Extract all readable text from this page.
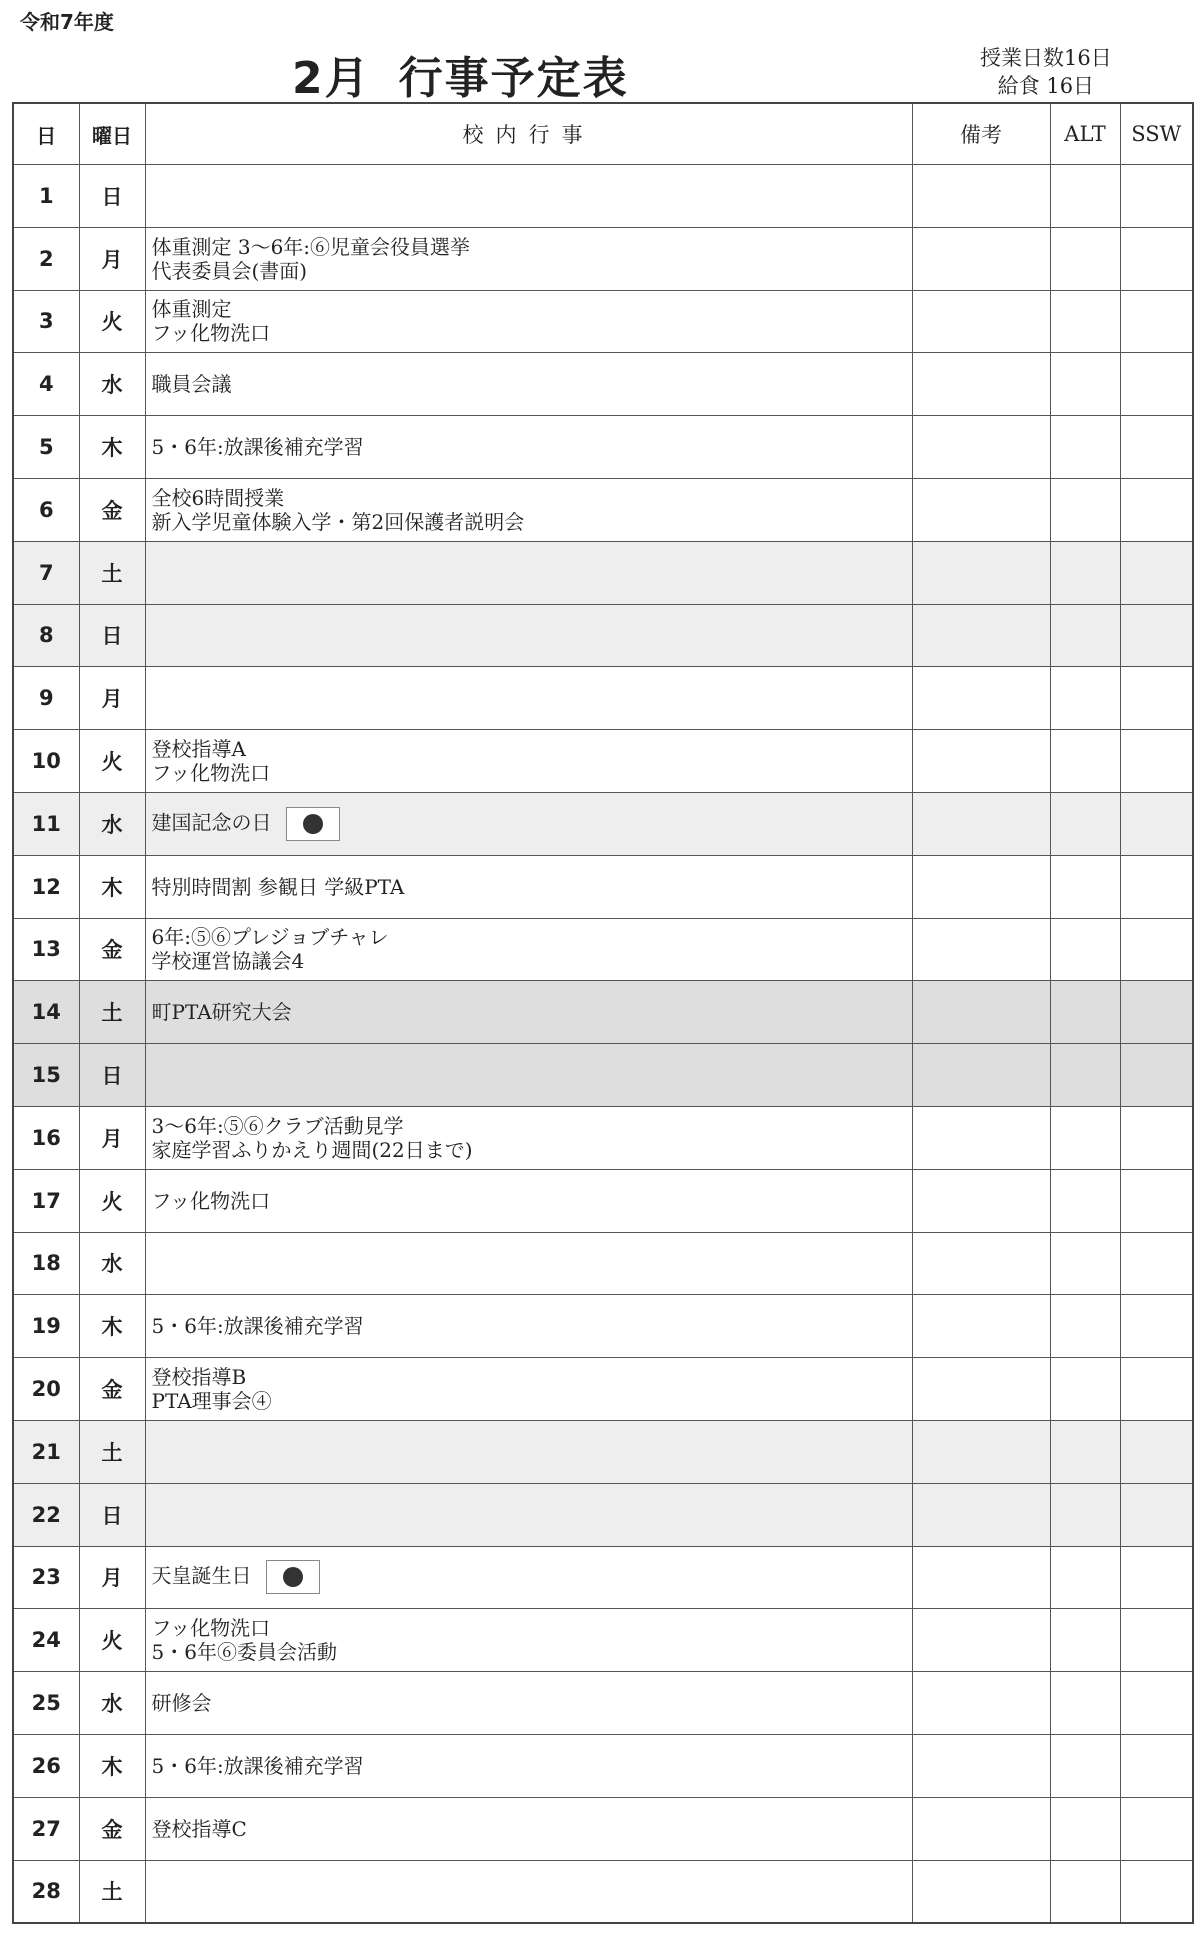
令和7年度
2月 行事予定表	授業日数16日
給食 16日
日	曜日	校内行事	備考	ALT	SSW
1	日				
2	月	体重測定 3〜6年:⑥児童会役員選挙
代表委員会(書面)			

3	火	体重測定
フッ化物洗口			

4	水	職員会議			

5	木	5・6年:放課後補充学習			

6	金	全校6時間授業
新入学児童体験入学・第2回保護者説明会			

7	土				
8	日				
9	月				
10	火	登校指導A
フッ化物洗口			

11	水	建国記念の日

12	木	特別時間割 参観日 学級PTA			

13	金	6年:⑤⑥プレジョブチャレ
学校運営協議会4			

14	土	町PTA研究大会			

15	日				
16	月	3〜6年:⑤⑥クラブ活動見学
家庭学習ふりかえり週間(22日まで)			

17	火	フッ化物洗口			

18	水				
19	木	5・6年:放課後補充学習			

20	金	登校指導B
PTA理事会④			

21	土				
22	日				
23	月	天皇誕生日

24	火	フッ化物洗口
5・6年⑥委員会活動			

25	水	研修会			

26	木	5・6年:放課後補充学習			

27	金	登校指導C			

28	土				
